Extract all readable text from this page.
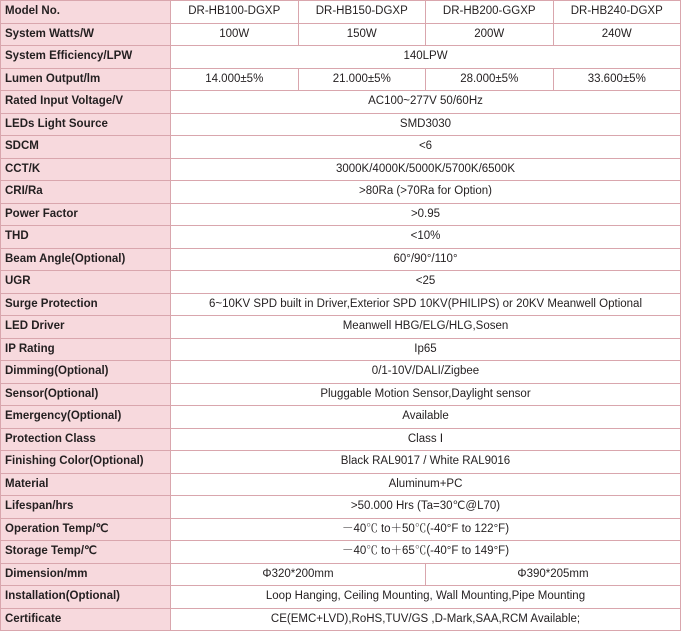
Model No.	DR-HB100-DGXP	DR-HB150-DGXP	DR-HB200-GGXP	DR-HB240-DGXP
System Watts/W	100W	150W	200W	240W
System Efficiency/LPW	140LPW			
Lumen Output/lm	14.000±5%	21.000±5%	28.000±5%	33.600±5%
Rated Input Voltage/V	AC100~277V 50/60Hz			
LEDs Light Source	SMD3030			
SDCM	<6			
CCT/K	3000K/4000K/5000K/5700K/6500K			
CRI/Ra	>80Ra (>70Ra for Option)			
Power Factor	>0.95			
THD	<10%			
Beam Angle(Optional)	60°/90°/110°			
UGR	<25			
Surge Protection	6~10KV SPD built in Driver,Exterior SPD 10KV(PHILIPS) or 20KV Meanwell Optional			
LED Driver	Meanwell HBG/ELG/HLG,Sosen			
IP Rating	Ip65			
Dimming(Optional)	0/1-10V/DALI/Zigbee			
Sensor(Optional)	Pluggable Motion Sensor,Daylight sensor			
Emergency(Optional)	Available			
Protection Class	Class Ⅰ			
Finishing Color(Optional)	Black RAL9017 / White RAL9016			
Material	Aluminum+PC			
Lifespan/hrs	>50.000 Hrs (Ta=30℃@L70)			
Operation Temp/℃	－40℃ to＋50℃(-40°F to 122°F)			
Storage Temp/℃	－40℃ to＋65℃(-40°F to 149°F)			
Dimension/mm	Φ320*200mm		Φ390*205mm	
Installation(Optional)	Loop Hanging, Ceiling Mounting, Wall Mounting,Pipe Mounting			
Certificate	CE(EMC+LVD),RoHS,TUV/GS ,D-Mark,SAA,RCM Available;			
